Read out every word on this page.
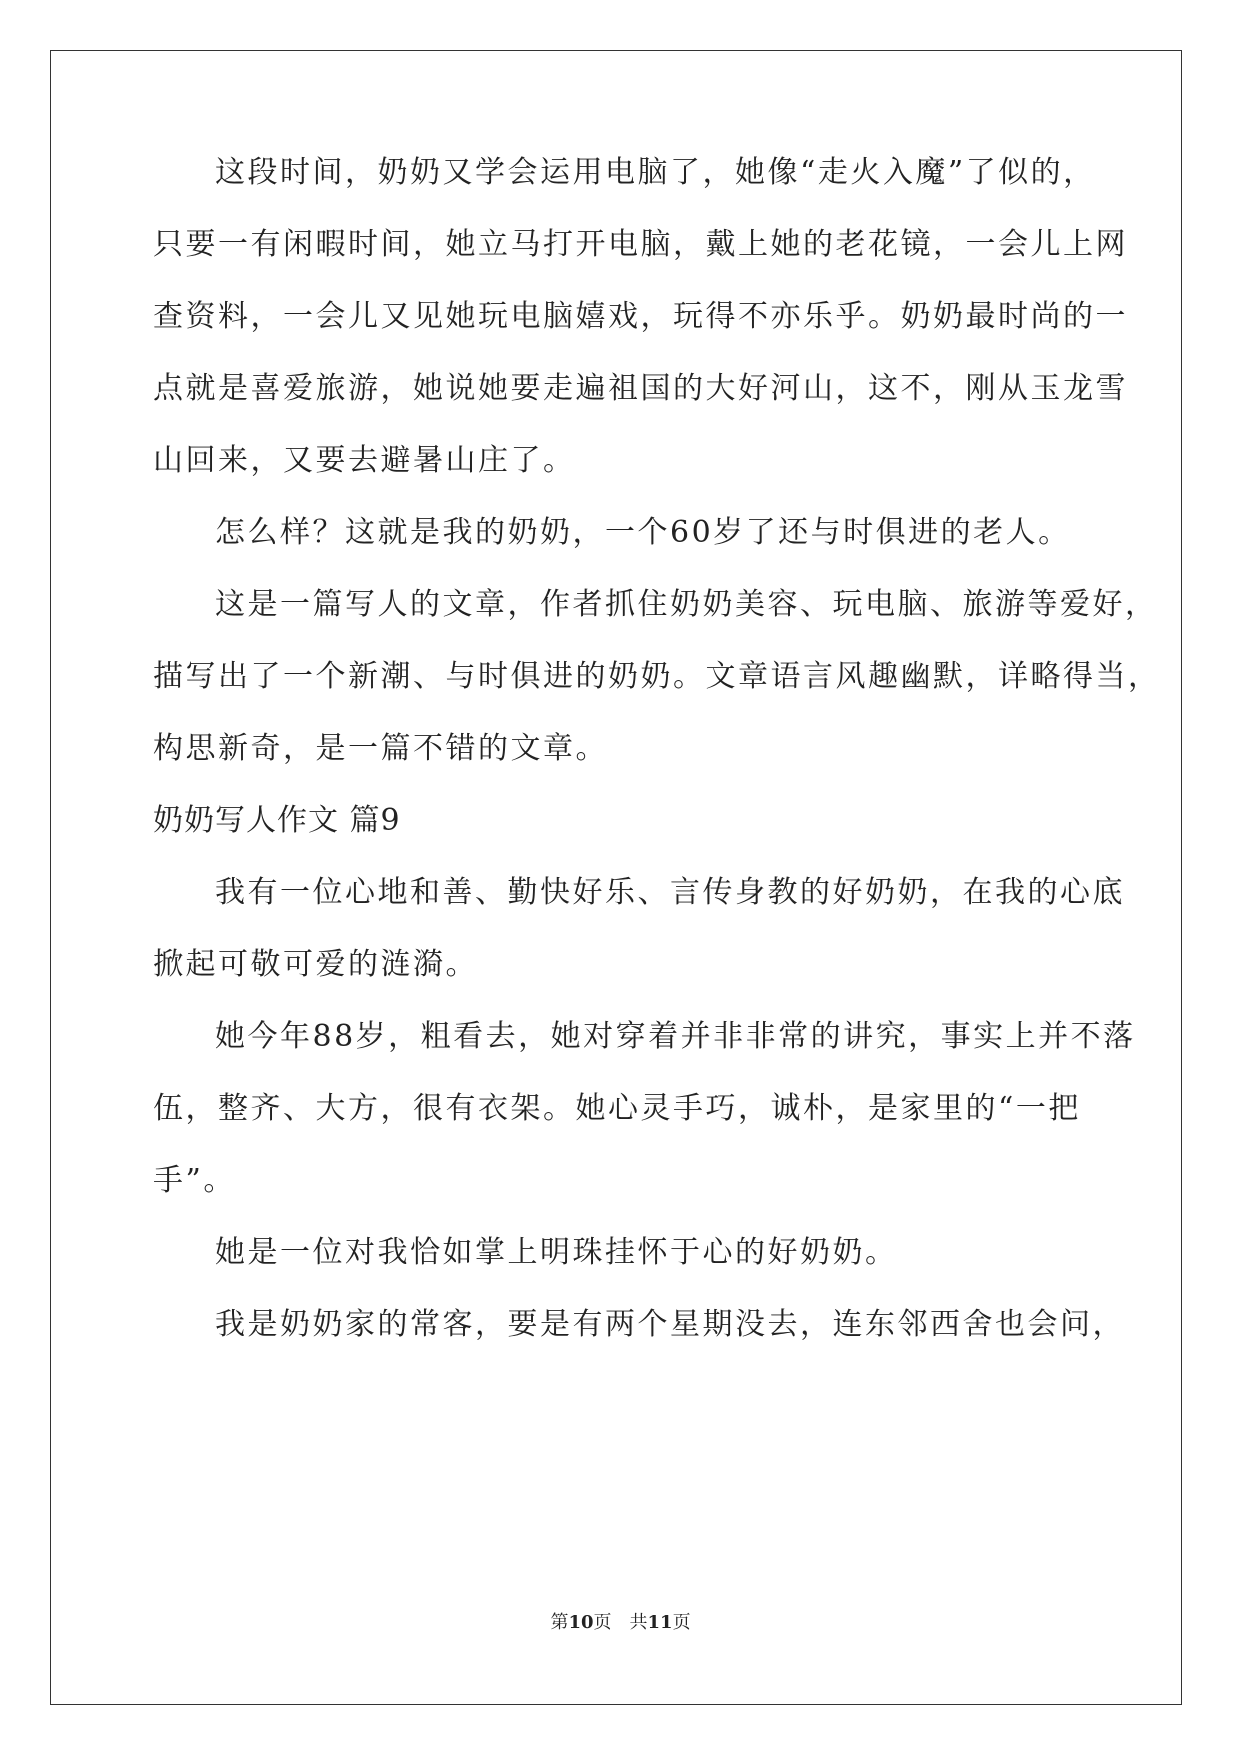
这段时间，奶奶又学会运用电脑了，她像“走火入魔”了似的，
只要一有闲暇时间，她立马打开电脑，戴上她的老花镜，一会儿上网
查资料，一会儿又见她玩电脑嬉戏，玩得不亦乐乎。奶奶最时尚的一
点就是喜爱旅游，她说她要走遍祖国的大好河山，这不，刚从玉龙雪
山回来，又要去避暑山庄了。
怎么样？这就是我的奶奶，一个60岁了还与时俱进的老人。
这是一篇写人的文章，作者抓住奶奶美容、玩电脑、旅游等爱好，
描写出了一个新潮、与时俱进的奶奶。文章语言风趣幽默，详略得当，
构思新奇，是一篇不错的文章。
奶奶写人作文 篇9
我有一位心地和善、勤快好乐、言传身教的好奶奶，在我的心底
掀起可敬可爱的涟漪。
她今年88岁，粗看去，她对穿着并非非常的讲究，事实上并不落
伍，整齐、大方，很有衣架。她心灵手巧，诚朴，是家里的“一把
手”。
她是一位对我恰如掌上明珠挂怀于心的好奶奶。
我是奶奶家的常客，要是有两个星期没去，连东邻西舍也会问，
第10页 共11页
